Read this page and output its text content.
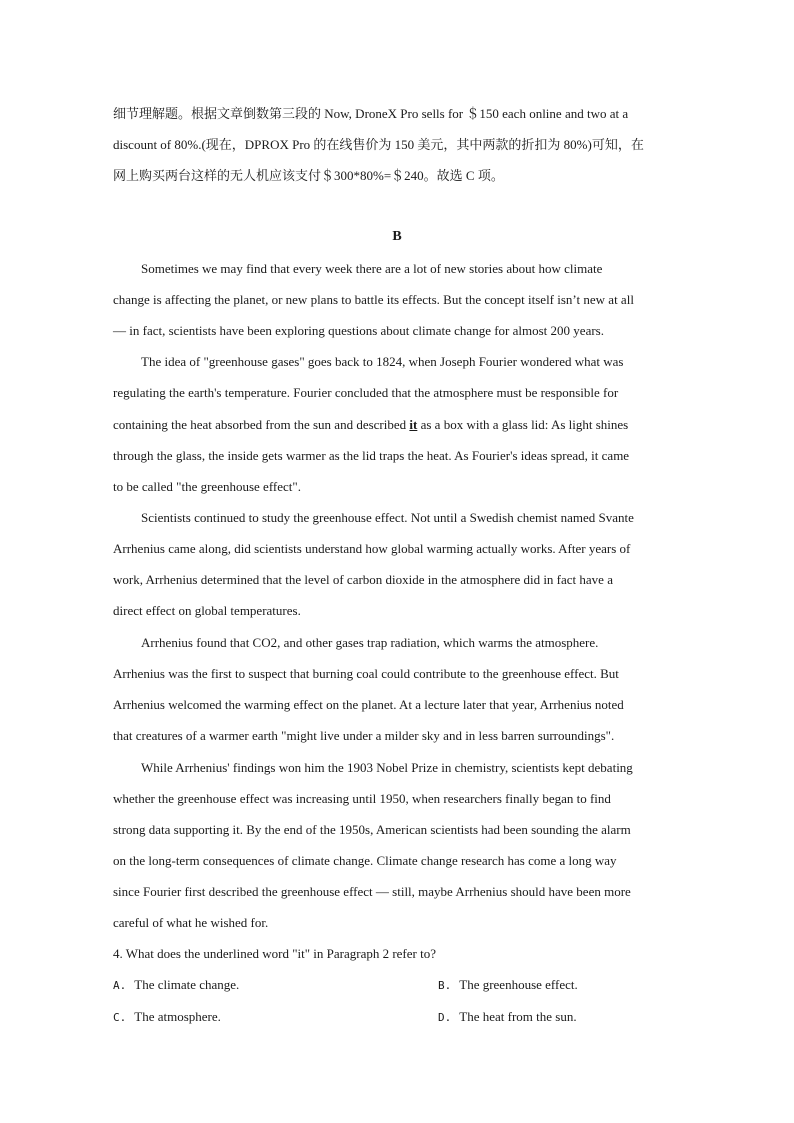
细节理解题。根据文章倒数第三段的 Now, DroneX Pro sells for ＄150 each online and two at a
discount of 80%.(现在，DPROX Pro 的在线售价为 150 美元，其中两款的折扣为 80%)可知，在
网上购买两台这样的无人机应该支付＄300*80%=＄240。故选 C 项。
B
Sometimes we may find that every week there are a lot of new stories about how climate
change is affecting the planet, or new plans to battle its effects. But the concept itself isn’t new at all
— in fact, scientists have been exploring questions about climate change for almost 200 years.
The idea of "greenhouse gases" goes back to 1824, when Joseph Fourier wondered what was
regulating the earth's temperature. Fourier concluded that the atmosphere must be responsible for
containing the heat absorbed from the sun and described it as a box with a glass lid: As light shines
through the glass, the inside gets warmer as the lid traps the heat. As Fourier's ideas spread, it came
to be called "the greenhouse effect".
Scientists continued to study the greenhouse effect. Not until a Swedish chemist named Svante
Arrhenius came along, did scientists understand how global warming actually works. After years of
work, Arrhenius determined that the level of carbon dioxide in the atmosphere did in fact have a
direct effect on global temperatures.
Arrhenius found that CO2, and other gases trap radiation, which warms the atmosphere.
Arrhenius was the first to suspect that burning coal could contribute to the greenhouse effect. But
Arrhenius welcomed the warming effect on the planet. At a lecture later that year, Arrhenius noted
that creatures of a warmer earth "might live under a milder sky and in less barren surroundings".
While Arrhenius' findings won him the 1903 Nobel Prize in chemistry, scientists kept debating
whether the greenhouse effect was increasing until 1950, when researchers finally began to find
strong data supporting it. By the end of the 1950s, American scientists had been sounding the alarm
on the long-term consequences of climate change. Climate change research has come a long way
since Fourier first described the greenhouse effect — still, maybe Arrhenius should have been more
careful of what he wished for.
4. What does the underlined word "it" in Paragraph 2 refer to?
A. The climate change.	B. The greenhouse effect.
C. The atmosphere.	D. The heat from the sun.
